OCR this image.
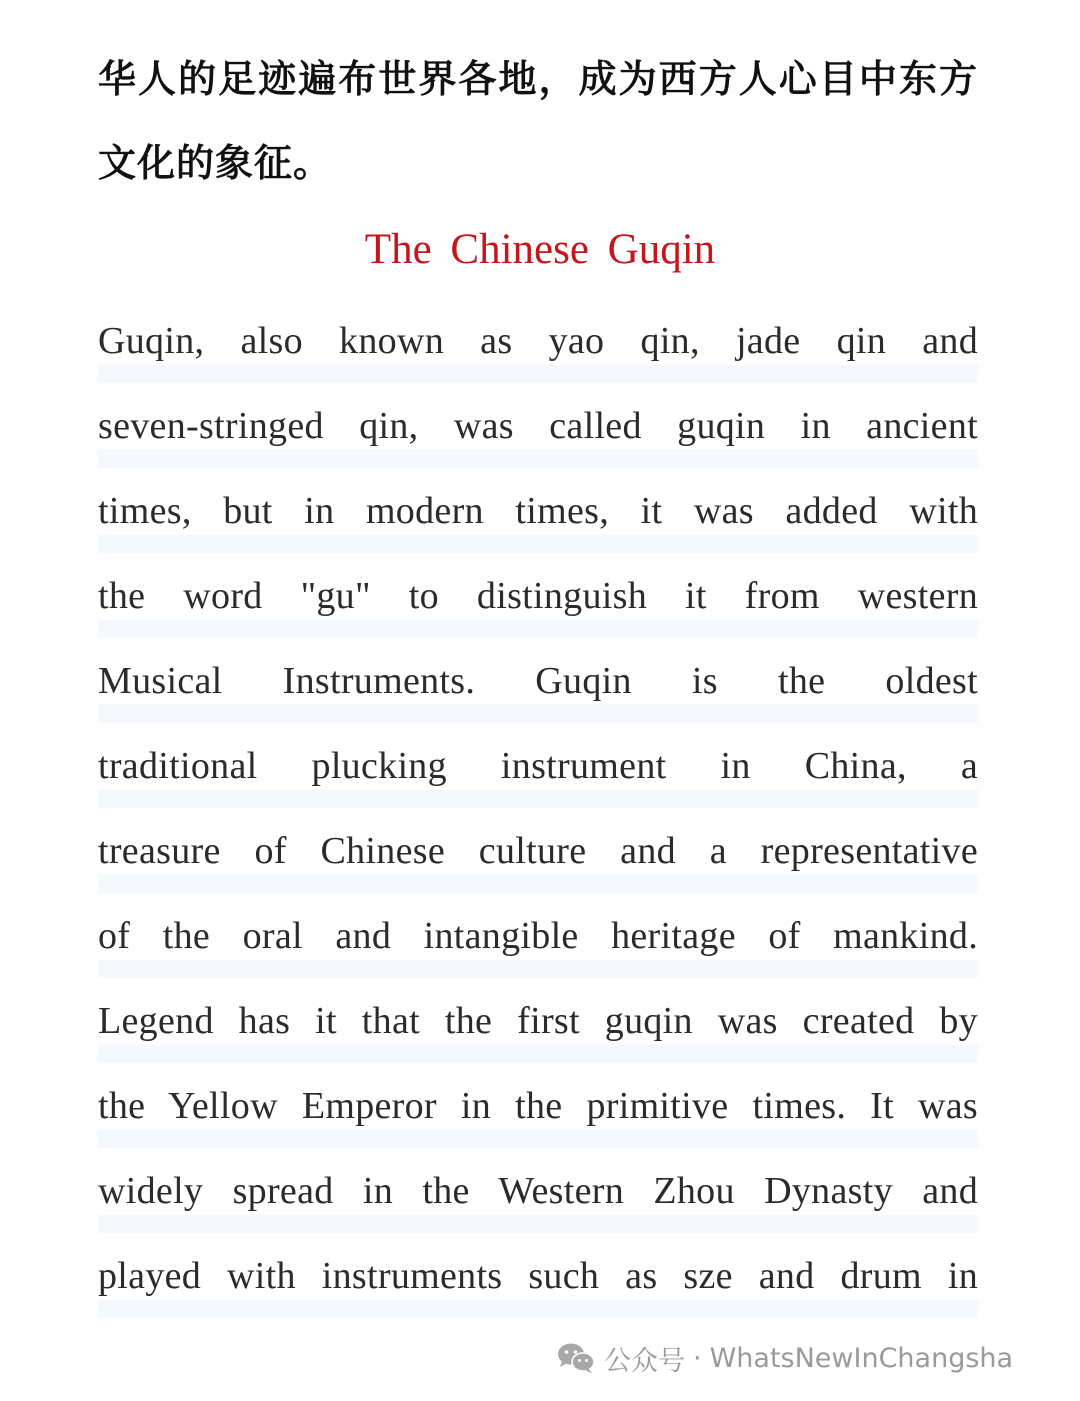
华人的足迹遍布世界各地，成为西方人心目中东方
文化的象征。
The Chinese Guqin
Guqin, also known as yao qin, jade qin and
seven-stringed qin, was called guqin in ancient
times, but in modern times, it was added with
the word "gu" to distinguish it from western
Musical Instruments. Guqin is the oldest
traditional plucking instrument in China, a
treasure of Chinese culture and a representative
of the oral and intangible heritage of mankind.
Legend has it that the first guqin was created by
the Yellow Emperor in the primitive times. It was
widely spread in the Western Zhou Dynasty and
played with instruments such as sze and drum in
公众号 · WhatsNewInChangsha
